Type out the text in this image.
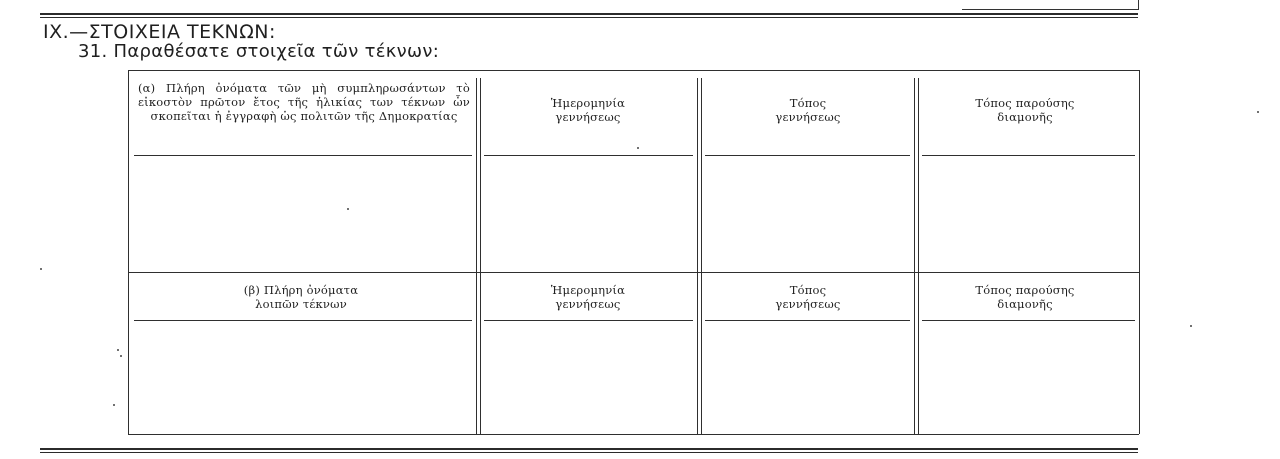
IX.—ΣΤΟΙΧΕΙΑ ΤΕΚΝΩΝ:
31. Παραθέσατε στοιχεῖα τῶν τέκνων:
(α) Πλήρη ὀνόματα τῶν μὴ συμπληρωσάντων τὸ εἰκοστὸν πρῶτον ἔτος τῆς ἡλικίας των τέκνων ὧν σκοπεῖται ἡ ἐγγραφὴ ὡς πολιτῶν τῆς Δημοκρατίας
Ἡμερομηνία γεννήσεως
Τόπος γεννήσεως
Τόπος παρούσης διαμονῆς
(β) Πλήρη ὀνόματα λοιπῶν τέκνων
Ἡμερομηνία γεννήσεως
Τόπος γεννήσεως
Τόπος παρούσης διαμονῆς
